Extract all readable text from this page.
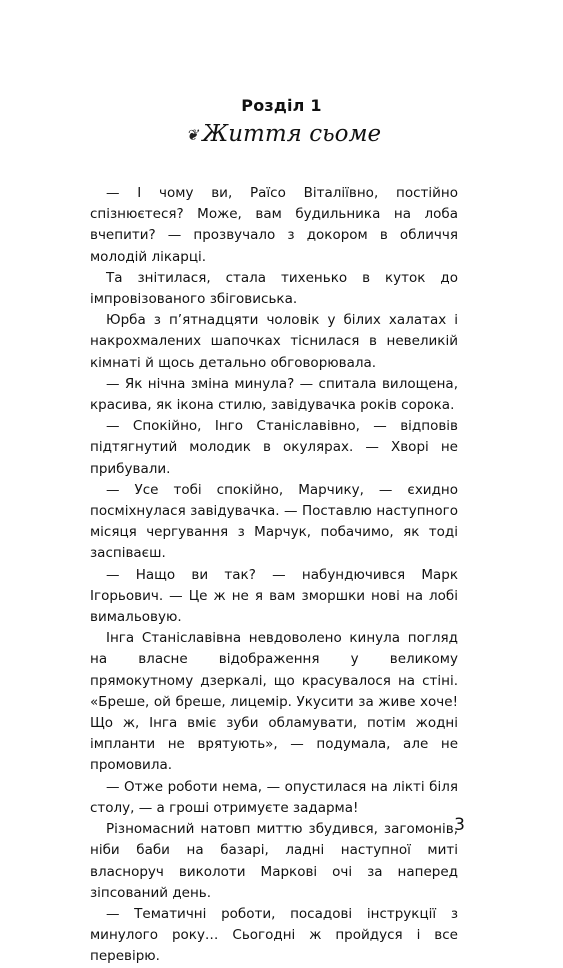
Розділ 1
❦ Життя сьоме

— І чому ви, Раїсо Віталіївно, постійно спізнюєтеся? Може, вам будильника на лоба вчепити? — прозвучало з докором в обличчя молодій лікарці.

Та знітилася, стала тихенько в куток до імпровізованого збіговиська.

Юрба з п’ятнадцяти чоловік у білих халатах і накрохмалених шапочках тіснилася в невеликій кімнаті й щось детально обговорювала.

— Як нічна зміна минула? — спитала вилощена, красива, як ікона стилю, завідувачка років сорока.

— Спокійно, Інго Станіславівно, — відповів підтягнутий молодик в окулярах. — Хворі не прибували.

— Усе тобі спокійно, Марчику, — єхидно посміхнулася завідувачка. — Поставлю наступного місяця чергування з Марчук, побачимо, як тоді заспіваєш.

— Нащо ви так? — набундючився Марк Ігорьович. — Це ж не я вам зморшки нові на лобі вимальовую.

Інга Станіславівна невдоволено кинула погляд на власне відображення у великому прямокутному дзеркалі, що красувалося на стіні. «Бреше, ой бреше, лицемір. Укусити за живе хоче! Що ж, Інга вміє зуби обламувати, потім жодні імпланти не врятують», — подумала, але не промовила.

— Отже роботи нема, — опустилася на лікті біля столу, — а гроші отримуєте задарма!

Різномасний натовп миттю збудився, загомонів, ніби баби на базарі, ладні наступної миті власноруч виколоти Маркові очі за наперед зіпсований день.

— Тематичні роботи, посадові інструкції з минулого року… Сьогодні ж пройдуся і все перевірю.

3
